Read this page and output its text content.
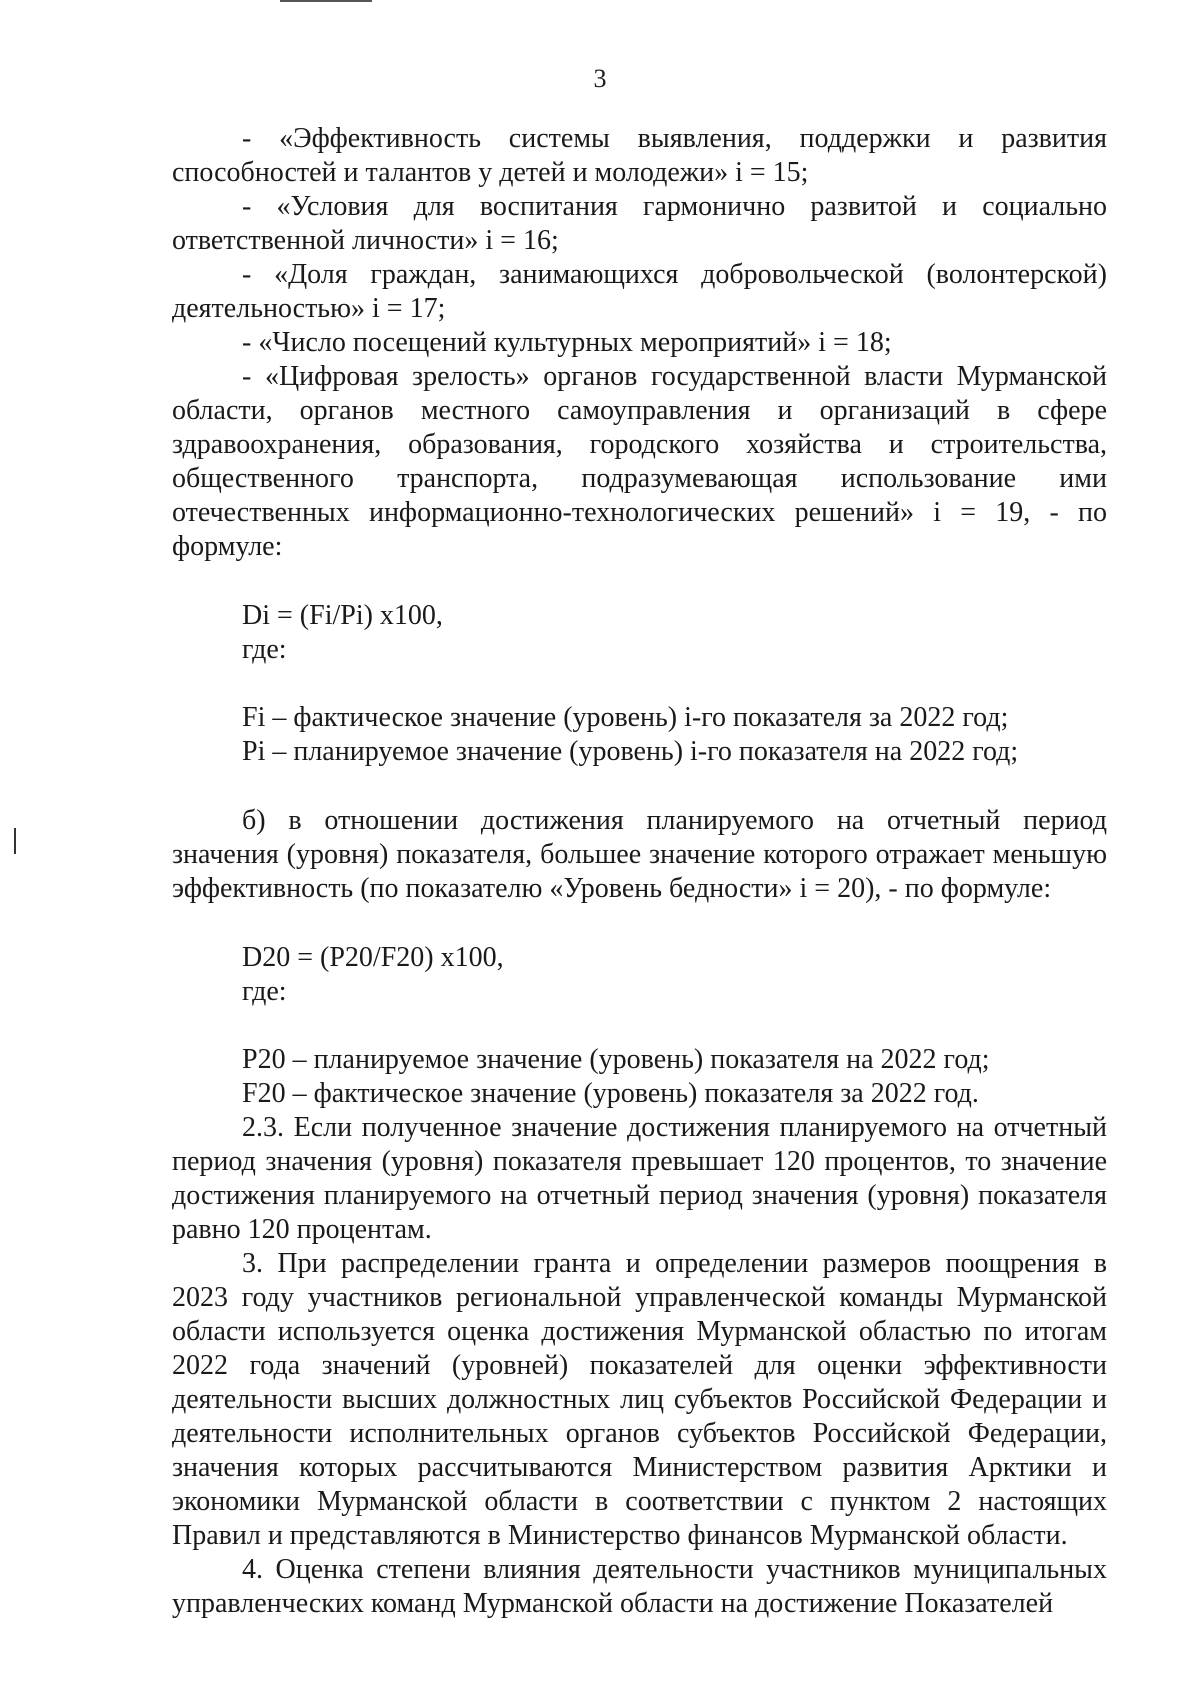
3

- «Эффективность системы выявления, поддержки и развития способностей и талантов у детей и молодежи» i = 15;

- «Условия для воспитания гармонично развитой и социально ответственной личности» i = 16;

- «Доля граждан, занимающихся добровольческой (волонтерской) деятельностью» i = 17;

- «Число посещений культурных мероприятий» i = 18;

- «Цифровая зрелость» органов государственной власти Мурманской области, органов местного самоуправления и организаций в сфере здравоохранения, образования, городского хозяйства и строительства, общественного транспорта, подразумевающая использование ими отечественных информационно-технологических решений» i = 19, - по формуле:

Di = (Fi/Pi) x100,

где:

Fi – фактическое значение (уровень) i-го показателя за 2022 год;

Pi – планируемое значение (уровень) i-го показателя на 2022 год;

б) в отношении достижения планируемого на отчетный период значения (уровня) показателя, большее значение которого отражает меньшую эффективность (по показателю «Уровень бедности» i = 20), - по формуле:

D20 = (P20/F20) x100,

где:

P20 – планируемое значение (уровень) показателя на 2022 год;

F20 – фактическое значение (уровень) показателя за 2022 год.

2.3. Если полученное значение достижения планируемого на отчетный период значения (уровня) показателя превышает 120 процентов, то значение достижения планируемого на отчетный период значения (уровня) показателя равно 120 процентам.

3. При распределении гранта и определении размеров поощрения в 2023 году участников региональной управленческой команды Мурманской области используется оценка достижения Мурманской областью по итогам 2022 года значений (уровней) показателей для оценки эффективности деятельности высших должностных лиц субъектов Российской Федерации и деятельности исполнительных органов субъектов Российской Федерации, значения которых рассчитываются Министерством развития Арктики и экономики Мурманской области в соответствии с пунктом 2 настоящих Правил и представляются в Министерство финансов Мурманской области.

4. Оценка степени влияния деятельности участников муниципальных управленческих команд Мурманской области на достижение Показателей
